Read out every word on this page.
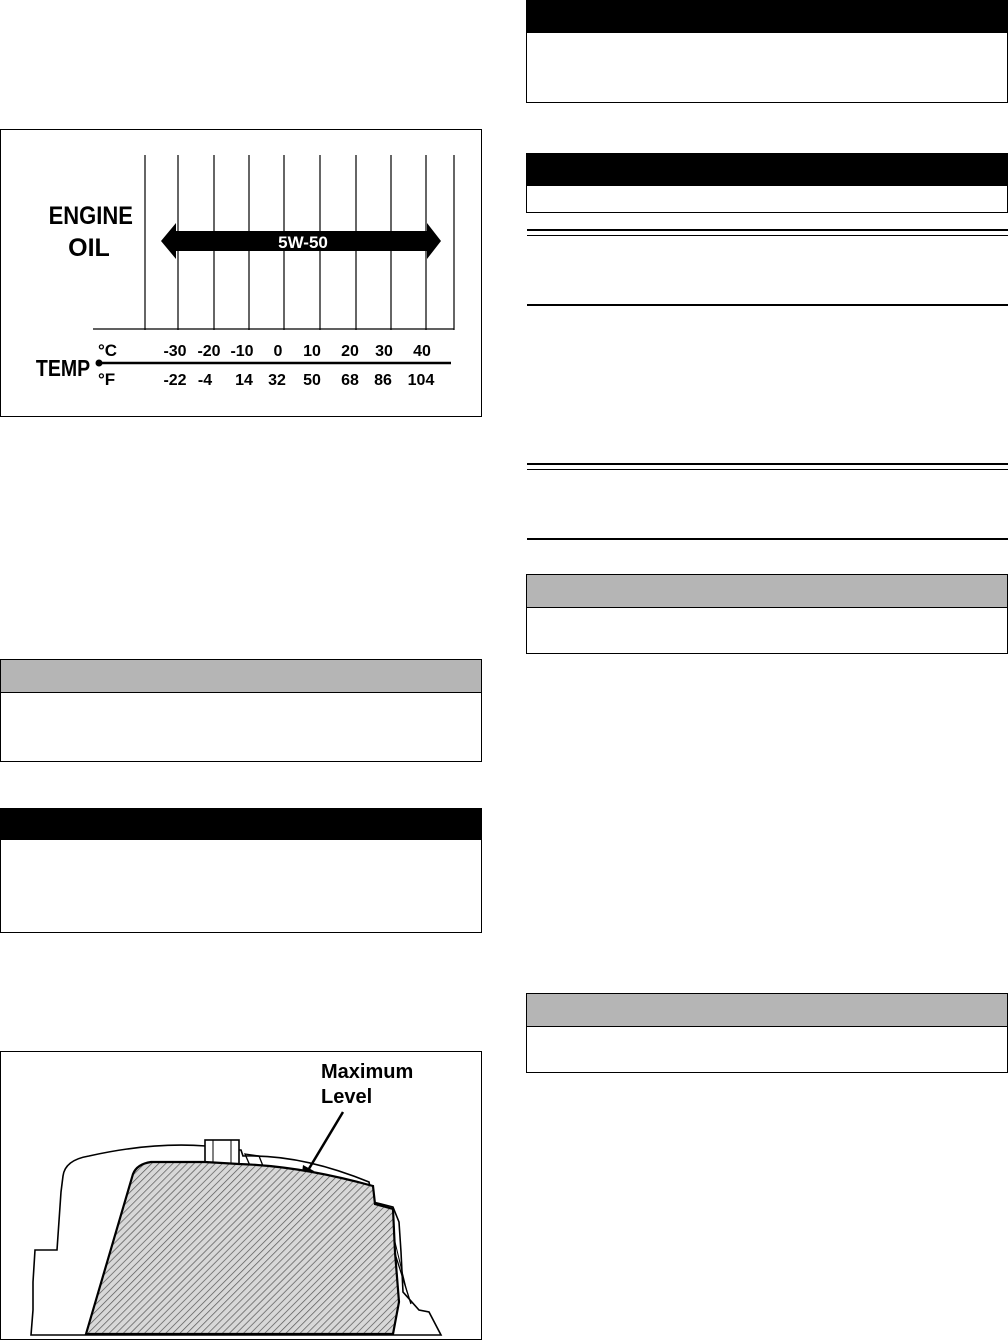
ENGINE
OIL	5W-50
TEMP
°C
°F
-30 -20 -10 0 10 20 30 40
-22 -4 14 32 50 68 86 104
Maximum
Level
